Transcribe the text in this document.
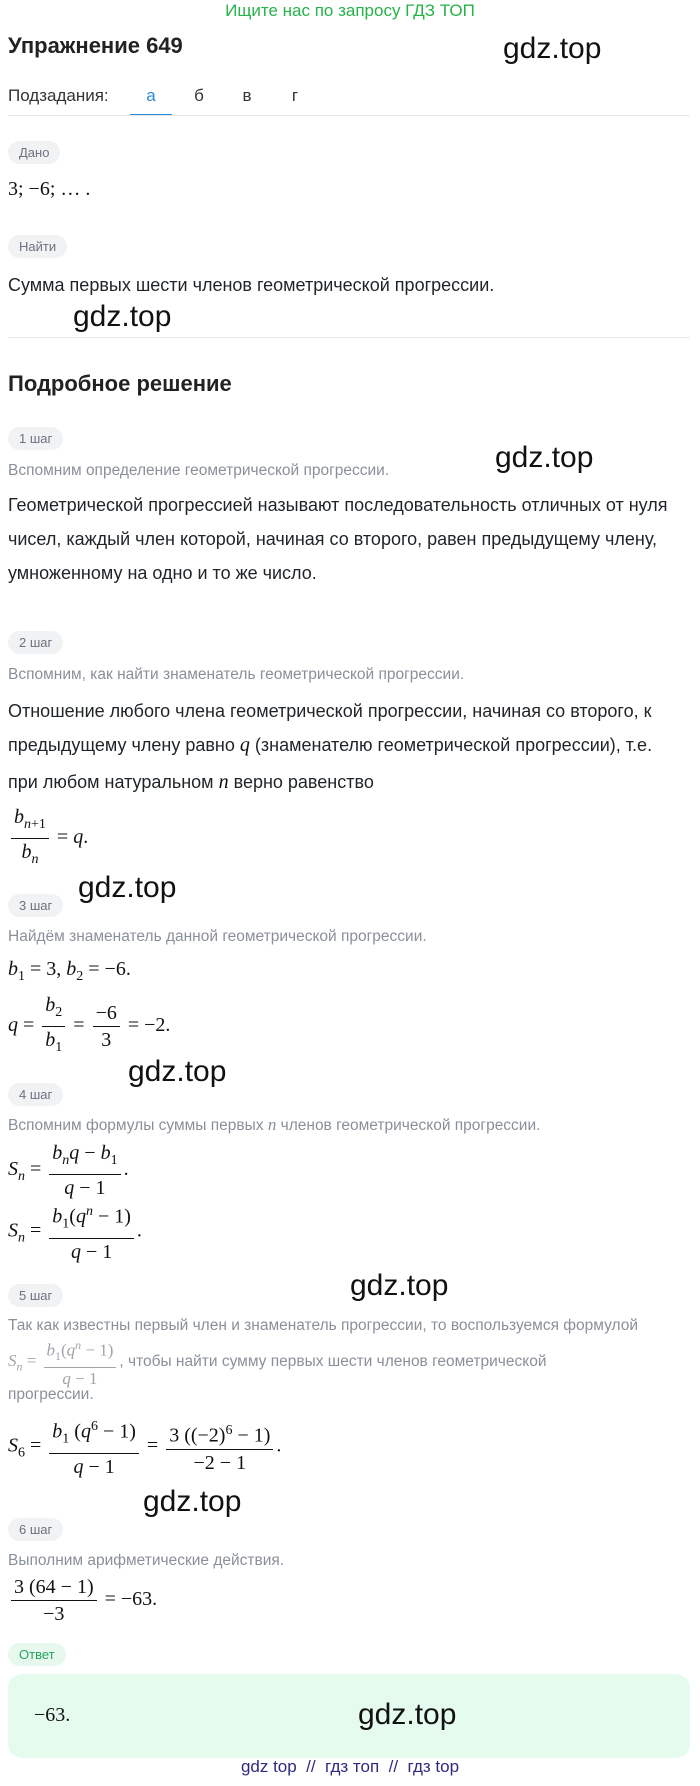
Ищите нас по запросу ГДЗ ТОП
Упражнение 649	gdz.top
Подзадания:	а	б	в	г
Дано
3; −6; … .
Найти
Сумма первых шести членов геометрической прогрессии.
gdz.top
Подробное решение
1 шаг
gdz.top
Вспомним определение геометрической прогрессии.
Геометрической прогрессией называют последовательность отличных от нуля
чисел, каждый член которой, начиная со второго, равен предыдущему члену,
умноженному на одно и то же число.
2 шаг
Вспомним, как найти знаменатель геометрической прогрессии.
Отношение любого члена геометрической прогрессии, начиная со второго, к
предыдущему члену равно q (знаменателю геометрической прогрессии), т.е.
при любом натуральном n верно равенство
$\frac{b_{n+1}}{b_n} = q$.
gdz.top
3 шаг
Найдём знаменатель данной геометрической прогрессии.
$b_1 = 3$, $b_2 = -6$.
$q = \frac{b_2}{b_1} = \frac{-6}{3} = -2$.
gdz.top
4 шаг
Вспомним формулы суммы первых n членов геометрической прогрессии.
$S_n = \frac{b_nq - b_1}{q - 1}$ .
$S_n = \frac{b_1(q^n - 1)}{q - 1}$ .
gdz.top
5 шаг
Так как известны первый член и знаменатель прогрессии, то воспользуемся формулой
$S_n = \frac{b_1(q^n - 1)}{q - 1}$ , чтобы найти сумму первых шести членов геометрической
прогрессии.
$S_6 = \frac{b_1 (q^6 - 1)}{q - 1} = \frac{3 ((-2)^6 - 1)}{-2 - 1}$ .
gdz.top
6 шаг
Выполним арифметические действия.
$\frac{3 (64 - 1)}{-3} = -63$.
Ответ
−63.	gdz.top
gdz top  //  гдз топ  //  гдз top
